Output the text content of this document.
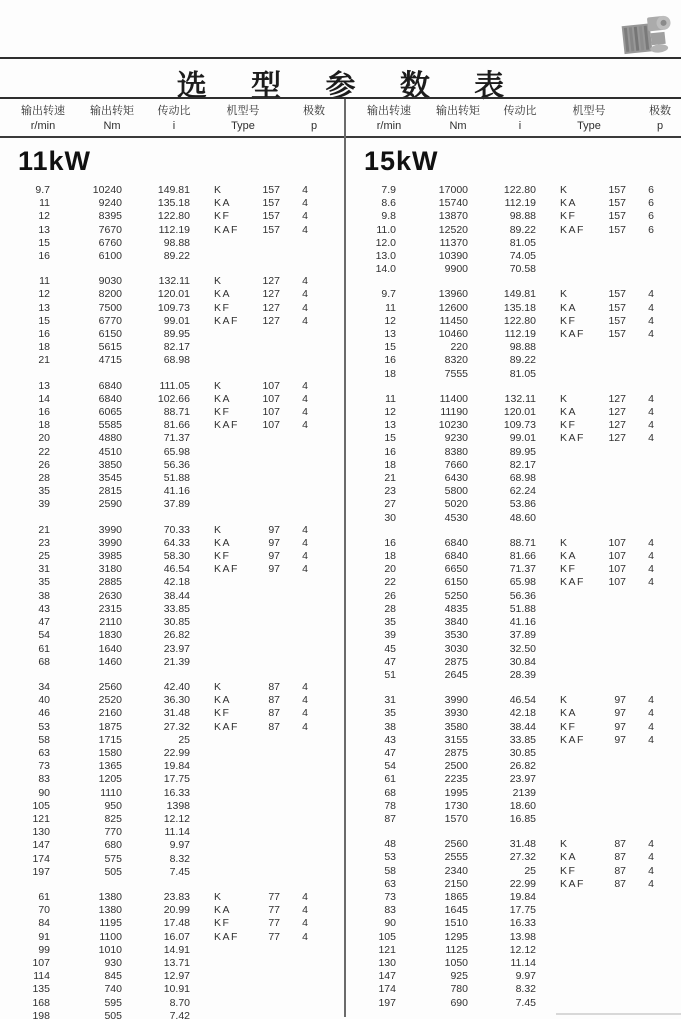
选 型 参 数 表
输出转速
r/min
输出转矩
Nm
传动比
i
机型号
Type
极数
p
11kW
9.7	10240	149.81 K	157	4
11	9240	135.18 KA	157	4
12	8395	122.80 KF	157	4
13	7670	112.19 KAF	157	4
15	6760	98.88
16	6100	89.22
11	9030	132.11 K	127	4
12	8200	120.01 KA	127	4
13	7500	109.73 KF	127	4
15	6770	99.01 KAF	127	4
16	6150	89.95
18	5615	82.17
21	4715	68.98
13	6840	111.05 K	107	4
14	6840	102.66 KA	107	4
16	6065	88.71 KF	107	4
18	5585	81.66 KAF	107	4
20	4880	71.37
22	4510	65.98
26	3850	56.36
28	3545	51.88
35	2815	41.16
39	2590	37.89
21	3990	70.33 K	97	4
23	3990	64.33 KA	97	4
25	3985	58.30 KF	97	4
31	3180	46.54 KAF	97	4
35	2885	42.18
38	2630	38.44
43	2315	33.85
47	2110	30.85
54	1830	26.82
61	1640	23.97
68	1460	21.39
34	2560	42.40 K	87	4
40	2520	36.30 KA	87	4
46	2160	31.48 KF	87	4
53	1875	27.32 KAF	87	4
58	1715	25
63	1580	22.99
73	1365	19.84
83	1205	17.75
90	1110	16.33
105	950	1398
121	825	12.12
130	770	11.14
147	680	9.97
174	575	8.32
197	505	7.45
61	1380	23.83 K	77	4
70	1380	20.99 KA	77	4
84	1195	17.48 KF	77	4
91	1100	16.07 KAF	77	4
99	1010	14.91
107	930	13.71
114	845	12.97
135	740	10.91
168	595	8.70
198	505	7.42
输出转速
r/min
输出转矩
Nm
传动比
i
机型号
Type
极数
p
15kW
7.9	17000	122.80 K	157	6
8.6	15740	112.19 KA	157	6
9.8	13870	98.88 KF	157	6
11.0	12520	89.22 KAF	157	6
12.0	11370	81.05
13.0	10390	74.05
14.0	9900	70.58
9.7	13960	149.81 K	157	4
11	12600	135.18 KA	157	4
12	11450	122.80 KF	157	4
13	10460	112.19 KAF	157	4
15	220	98.88
16	8320	89.22
18	7555	81.05
11	11400	132.11 K	127	4
12	11190	120.01 KA	127	4
13	10230	109.73 KF	127	4
15	9230	99.01 KAF	127	4
16	8380	89.95
18	7660	82.17
21	6430	68.98
23	5800	62.24
27	5020	53.86
30	4530	48.60
16	6840	88.71 K	107	4
18	6840	81.66 KA	107	4
20	6650	71.37 KF	107	4
22	6150	65.98 KAF	107	4
26	5250	56.36
28	4835	51.88
35	3840	41.16
39	3530	37.89
45	3030	32.50
47	2875	30.84
51	2645	28.39
31	3990	46.54 K	97	4
35	3930	42.18 KA	97	4
38	3580	38.44 KF	97	4
43	3155	33.85 KAF	97	4
47	2875	30.85
54	2500	26.82
61	2235	23.97
68	1995	2139
78	1730	18.60
87	1570	16.85
48	2560	31.48 K	87	4
53	2555	27.32 KA	87	4
58	2340	25 KF	87	4
63	2150	22.99 KAF	87	4
73	1865	19.84
83	1645	17.75
90	1510	16.33
105	1295	13.98
121	1125	12.12
130	1050	11.14
147	925	9.97
174	780	8.32
197	690	7.45
